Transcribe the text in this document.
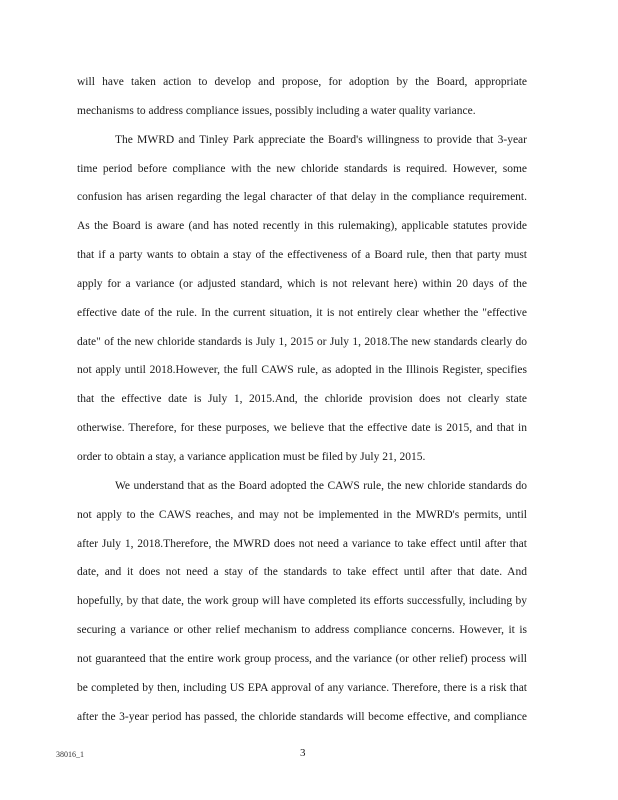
will have taken action to develop and propose, for adoption by the Board, appropriate
mechanisms to address compliance issues, possibly including a water quality variance.
The MWRD and Tinley Park appreciate the Board's willingness to provide that 3-year
time period before compliance with the new chloride standards is required. However, some
confusion has arisen regarding the legal character of that delay in the compliance requirement.
As the Board is aware (and has noted recently in this rulemaking), applicable statutes provide
that if a party wants to obtain a stay of the effectiveness of a Board rule, then that party must
apply for a variance (or adjusted standard, which is not relevant here) within 20 days of the
effective date of the rule. In the current situation, it is not entirely clear whether the "effective
date" of the new chloride standards is July 1, 2015 or July 1, 2018.The new standards clearly do
not apply until 2018.However, the full CAWS rule, as adopted in the Illinois Register, specifies
that the effective date is July 1, 2015.And, the chloride provision does not clearly state
otherwise. Therefore, for these purposes, we believe that the effective date is 2015, and that in
order to obtain a stay, a variance application must be filed by July 21, 2015.
We understand that as the Board adopted the CAWS rule, the new chloride standards do
not apply to the CAWS reaches, and may not be implemented in the MWRD's permits, until
after July 1, 2018.Therefore, the MWRD does not need a variance to take effect until after that
date, and it does not need a stay of the standards to take effect until after that date. And
hopefully, by that date, the work group will have completed its efforts successfully, including by
securing a variance or other relief mechanism to address compliance concerns. However, it is
not guaranteed that the entire work group process, and the variance (or other relief) process will
be completed by then, including US EPA approval of any variance. Therefore, there is a risk that
after the 3-year period has passed, the chloride standards will become effective, and compliance
38016_1	3
